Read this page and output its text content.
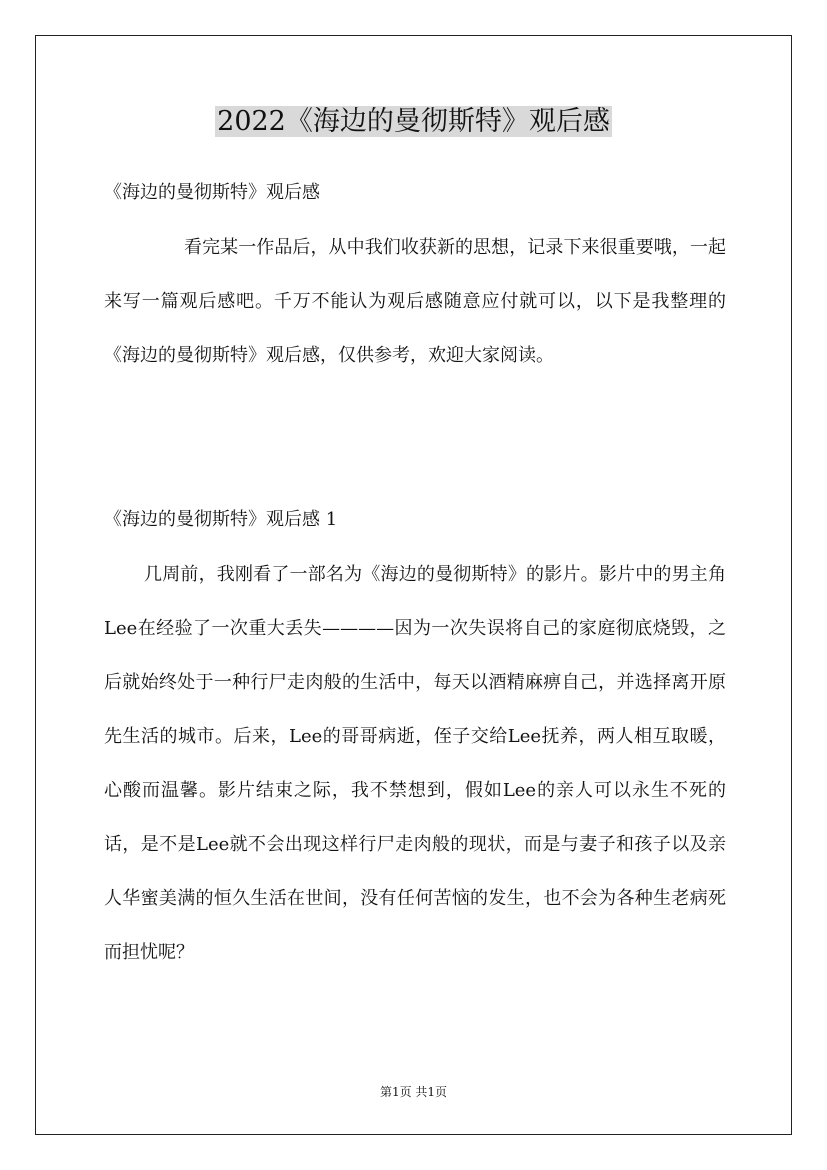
2022《海边的曼彻斯特》观后感
《海边的曼彻斯特》观后感

看完某一作品后，从中我们收获新的思想，记录下来很重要哦，一起来写一篇观后感吧。千万不能认为观后感随意应付就可以，以下是我整理的《海边的曼彻斯特》观后感，仅供参考，欢迎大家阅读。

《海边的曼彻斯特》观后感 1

几周前，我刚看了一部名为《海边的曼彻斯特》的影片。影片中的男主角Lee在经验了一次重大丢失————因为一次失误将自己的家庭彻底烧毁，之后就始终处于一种行尸走肉般的生活中，每天以酒精麻痹自己，并选择离开原先生活的城市。后来，Lee的哥哥病逝，侄子交给Lee抚养，两人相互取暖，心酸而温馨。影片结束之际，我不禁想到，假如Lee的亲人可以永生不死的话，是不是Lee就不会出现这样行尸走肉般的现状，而是与妻子和孩子以及亲人华蜜美满的恒久生活在世间，没有任何苦恼的发生，也不会为各种生老病死而担忧呢？

第1页 共1页
